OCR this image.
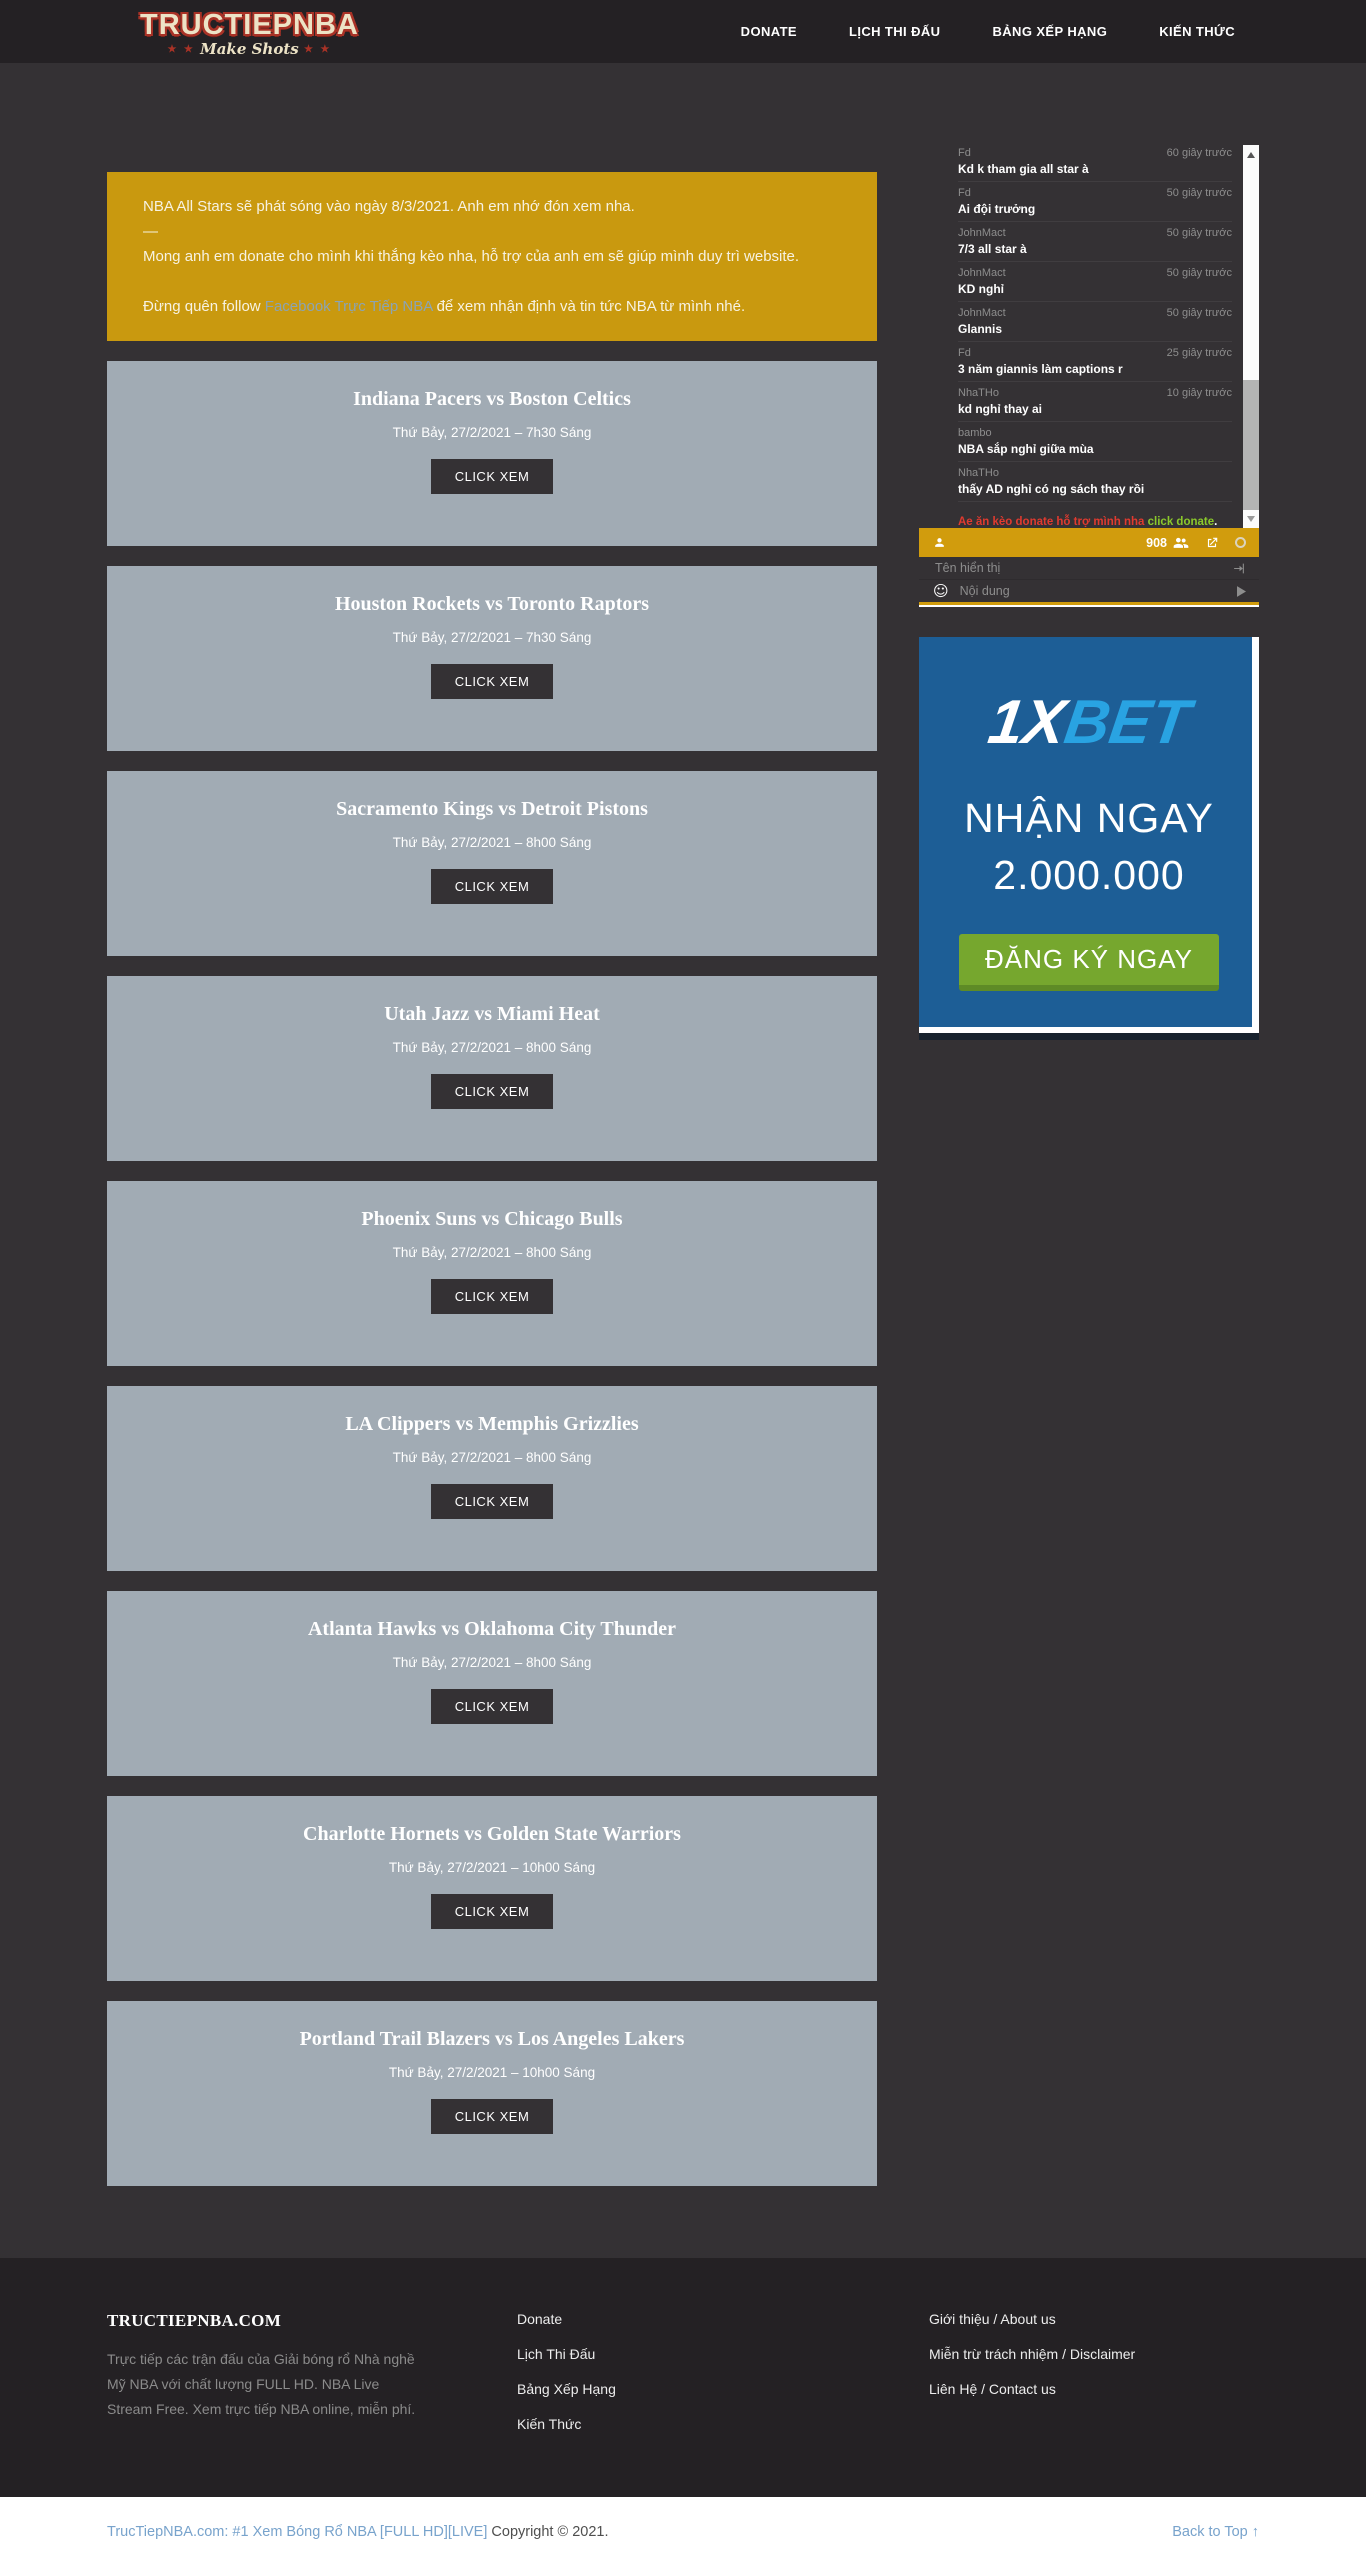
TRUCTIEPNBA
★ ★ Make Shots ★ ★
DONATE	LỊCH THI ĐẤU	BẢNG XẾP HẠNG	KIẾN THỨC

NBA All Stars sẽ phát sóng vào ngày 8/3/2021. Anh em nhớ đón xem nha.

—

Mong anh em donate cho mình khi thắng kèo nha, hỗ trợ của anh em sẽ giúp mình duy trì website.

Đừng quên follow Facebook Trực Tiếp NBA để xem nhận định và tin tức NBA từ mình nhé.

Indiana Pacers vs Boston Celtics
Thứ Bảy, 27/2/2021 – 7h30 Sáng
CLICK XEM
Houston Rockets vs Toronto Raptors
Thứ Bảy, 27/2/2021 – 7h30 Sáng
CLICK XEM
Sacramento Kings vs Detroit Pistons
Thứ Bảy, 27/2/2021 – 8h00 Sáng
CLICK XEM
Utah Jazz vs Miami Heat
Thứ Bảy, 27/2/2021 – 8h00 Sáng
CLICK XEM
Phoenix Suns vs Chicago Bulls
Thứ Bảy, 27/2/2021 – 8h00 Sáng
CLICK XEM
LA Clippers vs Memphis Grizzlies
Thứ Bảy, 27/2/2021 – 8h00 Sáng
CLICK XEM
Atlanta Hawks vs Oklahoma City Thunder
Thứ Bảy, 27/2/2021 – 8h00 Sáng
CLICK XEM
Charlotte Hornets vs Golden State Warriors
Thứ Bảy, 27/2/2021 – 10h00 Sáng
CLICK XEM
Portland Trail Blazers vs Los Angeles Lakers
Thứ Bảy, 27/2/2021 – 10h00 Sáng
CLICK XEM
Fd	60 giây trước
Kd k tham gia all star à
Fd	50 giây trước
Ai đội trưởng
JohnMact	50 giây trước
7/3 all star à
JohnMact	50 giây trước
KD nghỉ
JohnMact	50 giây trước
Glannis
Fd	25 giây trước
3 năm giannis làm captions r
NhaTHo	10 giây trước
kd nghỉ thay ai
bambo
NBA sắp nghỉ giữa mùa
NhaTHo
thấy AD nghỉ có ng sách thay rồi
Ae ăn kèo donate hỗ trợ mình nha click donate.
908
Tên hiển thị
☺
Nội dung
1XBET
NHẬN NGAY
2.000.000
ĐĂNG KÝ NGAY
TRUCTIEPNBA.COM
Trực tiếp các trận đấu của Giải bóng rổ Nhà nghề Mỹ NBA với chất lượng FULL HD. NBA Live Stream Free. Xem trực tiếp NBA online, miễn phí.
Donate
Lịch Thi Đấu
Bảng Xếp Hạng
Kiến Thức
Giới thiệu / About us
Miễn trừ trách nhiệm / Disclaimer
Liên Hệ / Contact us
TrucTiepNBA.com: #1 Xem Bóng Rổ NBA [FULL HD][LIVE] Copyright © 2021.	Back to Top ↑
